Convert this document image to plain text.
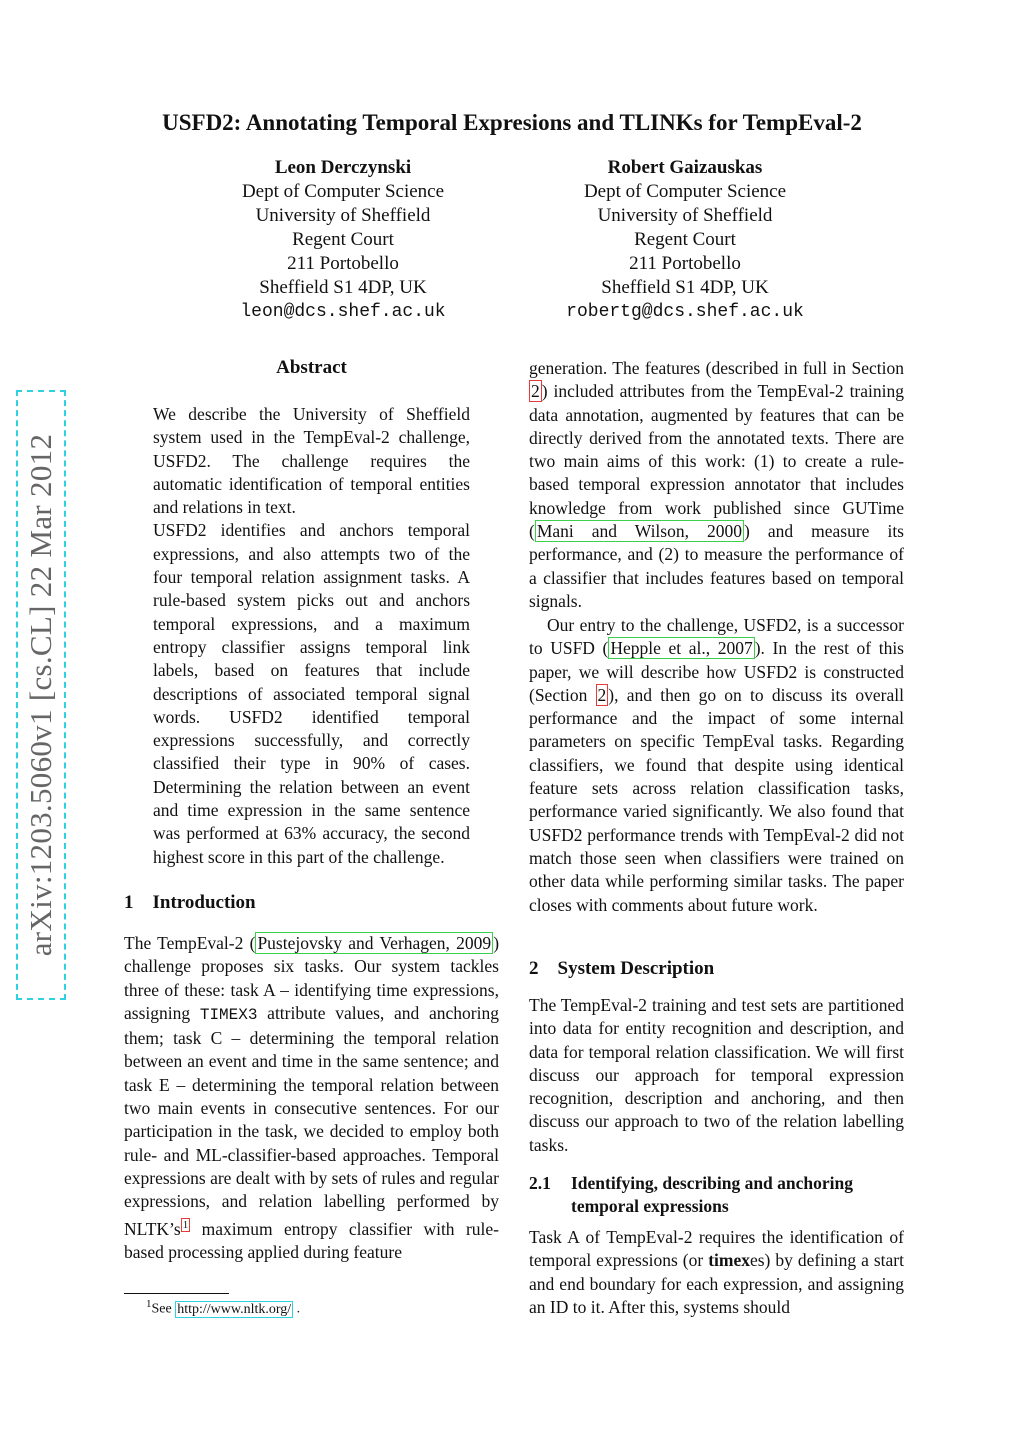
USFD2: Annotating Temporal Expresions and TLINKs for TempEval-2
Leon Derczynski
Dept of Computer Science
University of Sheffield
Regent Court
211 Portobello
Sheffield S1 4DP, UK
leon@dcs.shef.ac.uk
Robert Gaizauskas
Dept of Computer Science
University of Sheffield
Regent Court
211 Portobello
Sheffield S1 4DP, UK
robertg@dcs.shef.ac.uk
arXiv:1203.5060v1 [cs.CL] 22 Mar 2012
Abstract

We describe the University of Sheffield system used in the TempEval-2 challenge, USFD2. The challenge requires the automatic identification of temporal entities and relations in text.

USFD2 identifies and anchors temporal expressions, and also attempts two of the four temporal relation assignment tasks. A rule-based system picks out and anchors temporal expressions, and a maximum entropy classifier assigns temporal link labels, based on features that include descriptions of associated temporal signal words. USFD2 identified temporal expressions successfully, and correctly classified their type in 90% of cases. Determining the relation between an event and time expression in the same sentence was performed at 63% accuracy, the second highest score in this part of the challenge.

1 Introduction
The TempEval-2 ( Pustejovsky and Verhagen, 2009 ) challenge proposes six tasks. Our system tackles three of these: task A – identifying time expressions, assigning TIMEX3 attribute values, and anchoring them; task C – determining the temporal relation between an event and time in the same sentence; and task E – determining the temporal relation between two main events in consecutive sentences. For our participation in the task, we decided to employ both rule- and ML-classifier-based approaches. Temporal expressions are dealt with by sets of rules and regular expressions, and relation labelling performed by NLTK’s $^1$ maximum entropy classifier with rule-based processing applied during feature
$^1$See http://www.nltk.org/ .
generation. The features (described in full in Section 2 ) included attributes from the TempEval-2 training data annotation, augmented by features that can be directly derived from the annotated texts. There are two main aims of this work: (1) to create a rule-based temporal expression annotator that includes knowledge from work published since GUTime ( Mani and Wilson, 2000 ) and measure its performance, and (2) to measure the performance of a classifier that includes features based on temporal signals.
Our entry to the challenge, USFD2, is a successor to USFD ( Hepple et al., 2007 ). In the rest of this paper, we will describe how USFD2 is constructed (Section 2 ), and then go on to discuss its overall performance and the impact of some internal parameters on specific TempEval tasks. Regarding classifiers, we found that despite using identical feature sets across relation classification tasks, performance varied significantly. We also found that USFD2 performance trends with TempEval-2 did not match those seen when classifiers were trained on other data while performing similar tasks. The paper closes with comments about future work.
2 System Description
The TempEval-2 training and test sets are partitioned into data for entity recognition and description, and data for temporal relation classification. We will first discuss our approach for temporal expression recognition, description and anchoring, and then discuss our approach to two of the relation labelling tasks.
2.1 Identifying, describing and anchoring temporal expressions
Task A of TempEval-2 requires the identification of temporal expressions (or timexes) by defining a start and end boundary for each expression, and assigning an ID to it. After this, systems should
